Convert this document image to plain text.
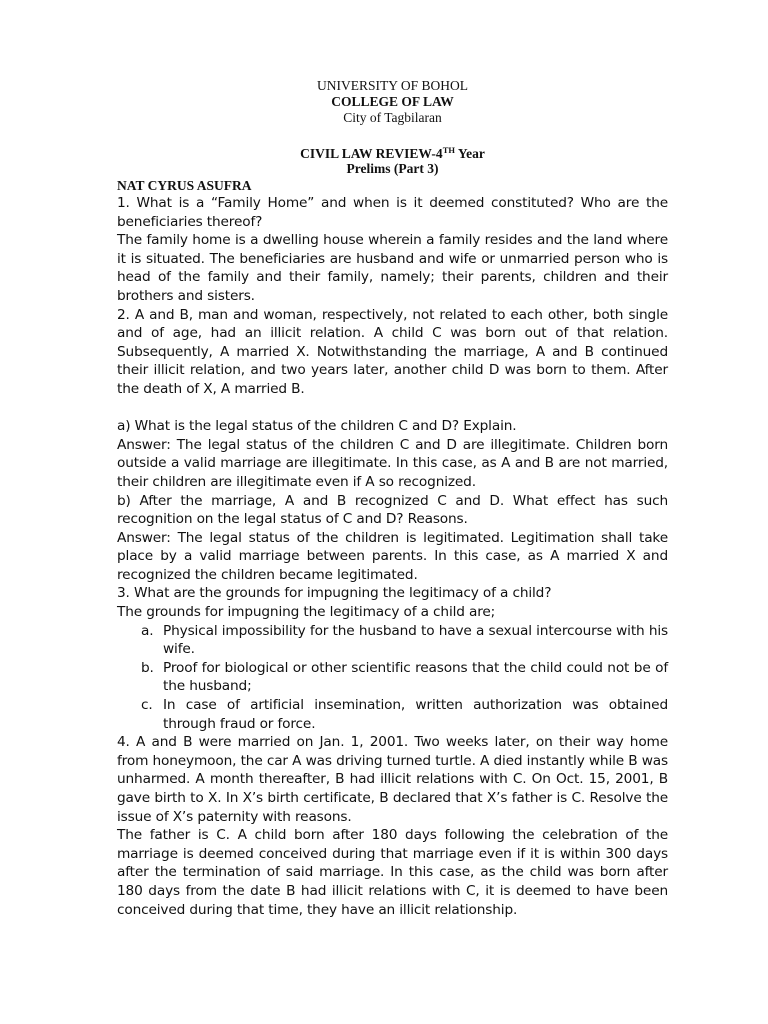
UNIVERSITY OF BOHOL
COLLEGE OF LAW
City of Tagbilaran
CIVIL LAW REVIEW-4TH Year
Prelims (Part 3)
NAT CYRUS ASUFRA

1. What is a “Family Home” and when is it deemed constituted? Who are the beneficiaries thereof?

The family home is a dwelling house wherein a family resides and the land where it is situated. The beneficiaries are husband and wife or unmarried person who is head of the family and their family, namely; their parents, children and their brothers and sisters.

2. A and B, man and woman, respectively, not related to each other, both single and of age, had an illicit relation. A child C was born out of that relation. Subsequently, A married X. Notwithstanding the marriage, A and B continued their illicit relation, and two years later, another child D was born to them. After the death of X, A married B.

a) What is the legal status of the children C and D? Explain.

Answer: The legal status of the children C and D are illegitimate. Children born outside a valid marriage are illegitimate. In this case, as A and B are not married, their children are illegitimate even if A so recognized.

b) After the marriage, A and B recognized C and D. What effect has such recognition on the legal status of C and D? Reasons.

Answer: The legal status of the children is legitimated. Legitimation shall take place by a valid marriage between parents. In this case, as A married X and recognized the children became legitimated.

3. What are the grounds for impugning the legitimacy of a child?

The grounds for impugning the legitimacy of a child are;

a. Physical impossibility for the husband to have a sexual intercourse with his wife.
b. Proof for biological or other scientific reasons that the child could not be of the husband;
c. In case of artificial insemination, written authorization was obtained through fraud or force.

4. A and B were married on Jan. 1, 2001. Two weeks later, on their way home from honeymoon, the car A was driving turned turtle. A died instantly while B was unharmed. A month thereafter, B had illicit relations with C. On Oct. 15, 2001, B gave birth to X. In X’s birth certificate, B declared that X’s father is C. Resolve the issue of X’s paternity with reasons.

The father is C. A child born after 180 days following the celebration of the marriage is deemed conceived during that marriage even if it is within 300 days after the termination of said marriage. In this case, as the child was born after 180 days from the date B had illicit relations with C, it is deemed to have been conceived during that time, they have an illicit relationship.
